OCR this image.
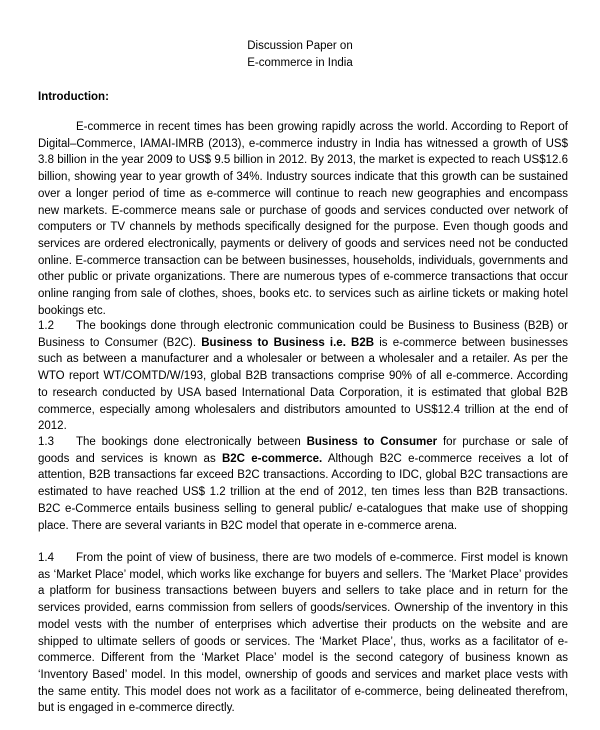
Discussion Paper on
E-commerce in India
Introduction:

E-commerce in recent times has been growing rapidly across the world. According to Report of Digital–Commerce, IAMAI-IMRB (2013), e-commerce industry in India has witnessed a growth of US$ 3.8 billion in the year 2009 to US$ 9.5 billion in 2012. By 2013, the market is expected to reach US$12.6 billion, showing year to year growth of 34%. Industry sources indicate that this growth can be sustained over a longer period of time as e-commerce will continue to reach new geographies and encompass new markets. E-commerce means sale or purchase of goods and services conducted over network of computers or TV channels by methods specifically designed for the purpose. Even though goods and services are ordered electronically, payments or delivery of goods and services need not be conducted online. E-commerce transaction can be between businesses, households, individuals, governments and other public or private organizations. There are numerous types of e-commerce transactions that occur online ranging from sale of clothes, shoes, books etc. to services such as airline tickets or making hotel bookings etc.

1.2 The bookings done through electronic communication could be Business to Business (B2B) or Business to Consumer (B2C). Business to Business i.e. B2B is e-commerce between businesses such as between a manufacturer and a wholesaler or between a wholesaler and a retailer. As per the WTO report WT/COMTD/W/193, global B2B transactions comprise 90% of all e-commerce. According to research conducted by USA based International Data Corporation, it is estimated that global B2B commerce, especially among wholesalers and distributors amounted to US$12.4 trillion at the end of 2012.

1.3 The bookings done electronically between Business to Consumer for purchase or sale of goods and services is known as B2C e-commerce. Although B2C e-commerce receives a lot of attention, B2B transactions far exceed B2C transactions. According to IDC, global B2C transactions are estimated to have reached US$ 1.2 trillion at the end of 2012, ten times less than B2B transactions. B2C e-Commerce entails business selling to general public/ e-catalogues that make use of shopping place. There are several variants in B2C model that operate in e-commerce arena.

1.4 From the point of view of business, there are two models of e-commerce. First model is known as ‘Market Place’ model, which works like exchange for buyers and sellers. The ‘Market Place’ provides a platform for business transactions between buyers and sellers to take place and in return for the services provided, earns commission from sellers of goods/services. Ownership of the inventory in this model vests with the number of enterprises which advertise their products on the website and are shipped to ultimate sellers of goods or services. The ‘Market Place’, thus, works as a facilitator of e-commerce. Different from the ‘Market Place’ model is the second category of business known as ‘Inventory Based’ model. In this model, ownership of goods and services and market place vests with the same entity. This model does not work as a facilitator of e-commerce, being delineated therefrom, but is engaged in e-commerce directly.
